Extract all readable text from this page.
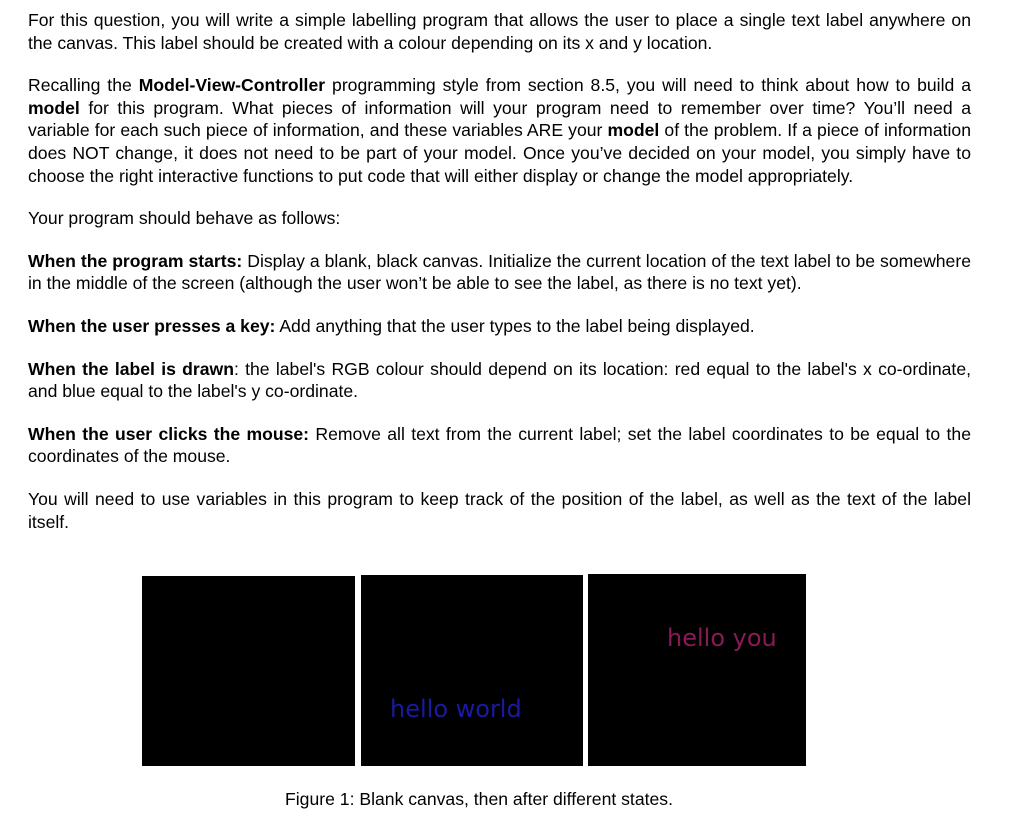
For this question, you will write a simple labelling program that allows the user to place a single text label anywhere on the canvas. This label should be created with a colour depending on its x and y location.

Recalling the Model-View-Controller programming style from section 8.5, you will need to think about how to build a model for this program. What pieces of information will your program need to remember over time? You’ll need a variable for each such piece of information, and these variables ARE your model of the problem. If a piece of information does NOT change, it does not need to be part of your model. Once you’ve decided on your model, you simply have to choose the right interactive functions to put code that will either display or change the model appropriately.

Your program should behave as follows:

When the program starts: Display a blank, black canvas. Initialize the current location of the text label to be somewhere in the middle of the screen (although the user won’t be able to see the label, as there is no text yet).

When the user presses a key: Add anything that the user types to the label being displayed.

When the label is drawn: the label's RGB colour should depend on its location: red equal to the label's x co-ordinate, and blue equal to the label's y co-ordinate.

When the user clicks the mouse: Remove all text from the current label; set the label coordinates to be equal to the coordinates of the mouse.

You will need to use variables in this program to keep track of the position of the label, as well as the text of the label itself.

hello world
hello you
Figure 1: Blank canvas, then after different states.
